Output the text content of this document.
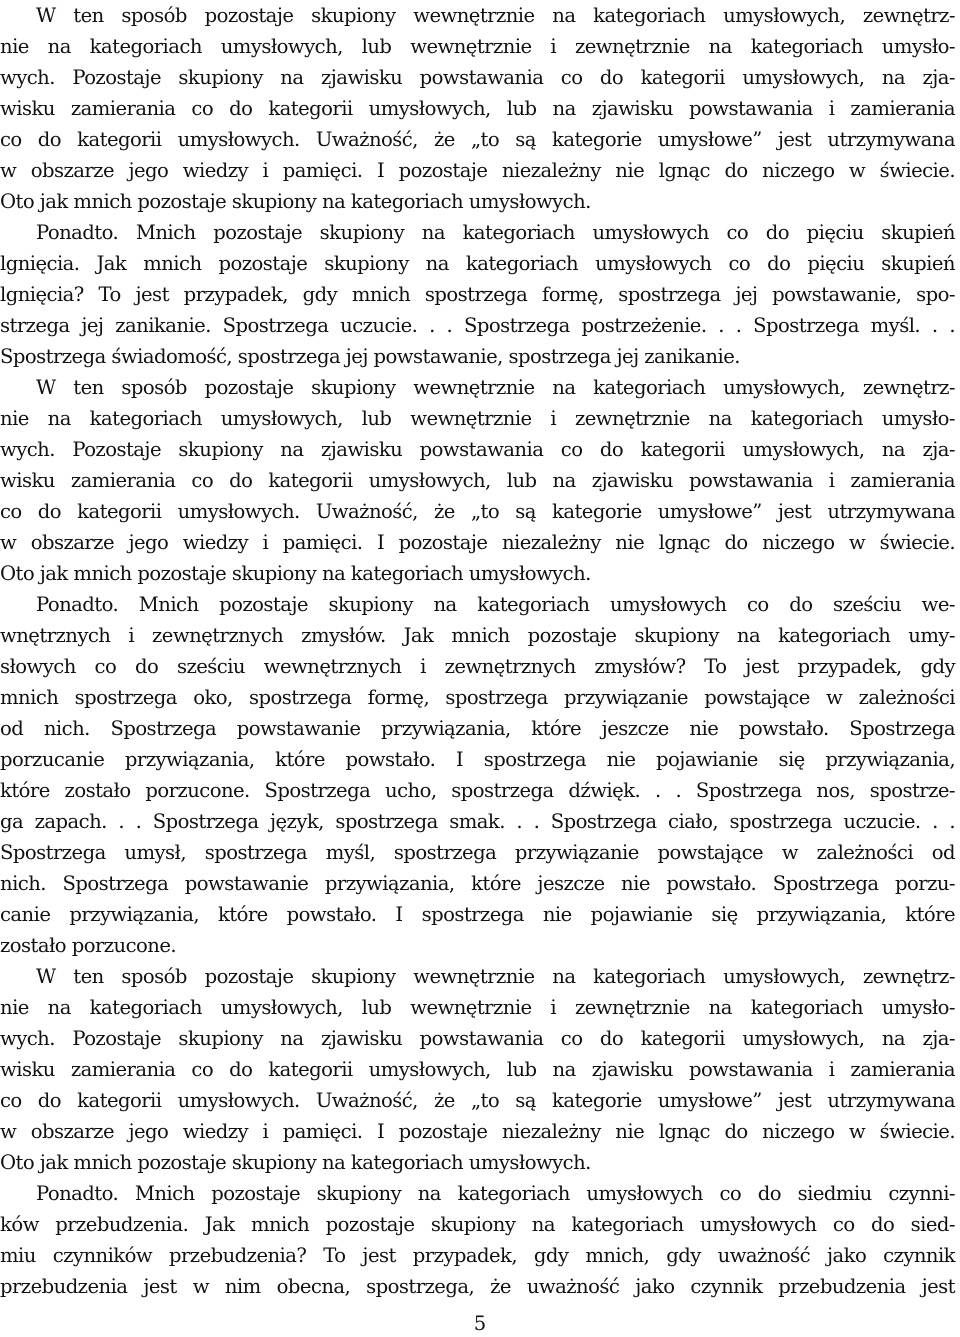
W ten sposób pozostaje skupiony wewnętrznie na kategoriach umysłowych, zewnętrz-
nie na kategoriach umysłowych, lub wewnętrznie i zewnętrznie na kategoriach umysło-
wych. Pozostaje skupiony na zjawisku powstawania co do kategorii umysłowych, na zja-
wisku zamierania co do kategorii umysłowych, lub na zjawisku powstawania i zamierania
co do kategorii umysłowych. Uważność, że „to są kategorie umysłowe” jest utrzymywana
w obszarze jego wiedzy i pamięci. I pozostaje niezależny nie lgnąc do niczego w świecie.
Oto jak mnich pozostaje skupiony na kategoriach umysłowych.
Ponadto. Mnich pozostaje skupiony na kategoriach umysłowych co do pięciu skupień
lgnięcia. Jak mnich pozostaje skupiony na kategoriach umysłowych co do pięciu skupień
lgnięcia? To jest przypadek, gdy mnich spostrzega formę, spostrzega jej powstawanie, spo-
strzega jej zanikanie. Spostrzega uczucie. . . Spostrzega postrzeżenie. . . Spostrzega myśl. . .
Spostrzega świadomość, spostrzega jej powstawanie, spostrzega jej zanikanie.
W ten sposób pozostaje skupiony wewnętrznie na kategoriach umysłowych, zewnętrz-
nie na kategoriach umysłowych, lub wewnętrznie i zewnętrznie na kategoriach umysło-
wych. Pozostaje skupiony na zjawisku powstawania co do kategorii umysłowych, na zja-
wisku zamierania co do kategorii umysłowych, lub na zjawisku powstawania i zamierania
co do kategorii umysłowych. Uważność, że „to są kategorie umysłowe” jest utrzymywana
w obszarze jego wiedzy i pamięci. I pozostaje niezależny nie lgnąc do niczego w świecie.
Oto jak mnich pozostaje skupiony na kategoriach umysłowych.
Ponadto. Mnich pozostaje skupiony na kategoriach umysłowych co do sześciu we-
wnętrznych i zewnętrznych zmysłów. Jak mnich pozostaje skupiony na kategoriach umy-
słowych co do sześciu wewnętrznych i zewnętrznych zmysłów? To jest przypadek, gdy
mnich spostrzega oko, spostrzega formę, spostrzega przywiązanie powstające w zależności
od nich. Spostrzega powstawanie przywiązania, które jeszcze nie powstało. Spostrzega
porzucanie przywiązania, które powstało. I spostrzega nie pojawianie się przywiązania,
które zostało porzucone. Spostrzega ucho, spostrzega dźwięk. . . Spostrzega nos, spostrze-
ga zapach. . . Spostrzega język, spostrzega smak. . . Spostrzega ciało, spostrzega uczucie. . .
Spostrzega umysł, spostrzega myśl, spostrzega przywiązanie powstające w zależności od
nich. Spostrzega powstawanie przywiązania, które jeszcze nie powstało. Spostrzega porzu-
canie przywiązania, które powstało. I spostrzega nie pojawianie się przywiązania, które
zostało porzucone.
W ten sposób pozostaje skupiony wewnętrznie na kategoriach umysłowych, zewnętrz-
nie na kategoriach umysłowych, lub wewnętrznie i zewnętrznie na kategoriach umysło-
wych. Pozostaje skupiony na zjawisku powstawania co do kategorii umysłowych, na zja-
wisku zamierania co do kategorii umysłowych, lub na zjawisku powstawania i zamierania
co do kategorii umysłowych. Uważność, że „to są kategorie umysłowe” jest utrzymywana
w obszarze jego wiedzy i pamięci. I pozostaje niezależny nie lgnąc do niczego w świecie.
Oto jak mnich pozostaje skupiony na kategoriach umysłowych.
Ponadto. Mnich pozostaje skupiony na kategoriach umysłowych co do siedmiu czynni-
ków przebudzenia. Jak mnich pozostaje skupiony na kategoriach umysłowych co do sied-
miu czynników przebudzenia? To jest przypadek, gdy mnich, gdy uważność jako czynnik
przebudzenia jest w nim obecna, spostrzega, że uważność jako czynnik przebudzenia jest
5
